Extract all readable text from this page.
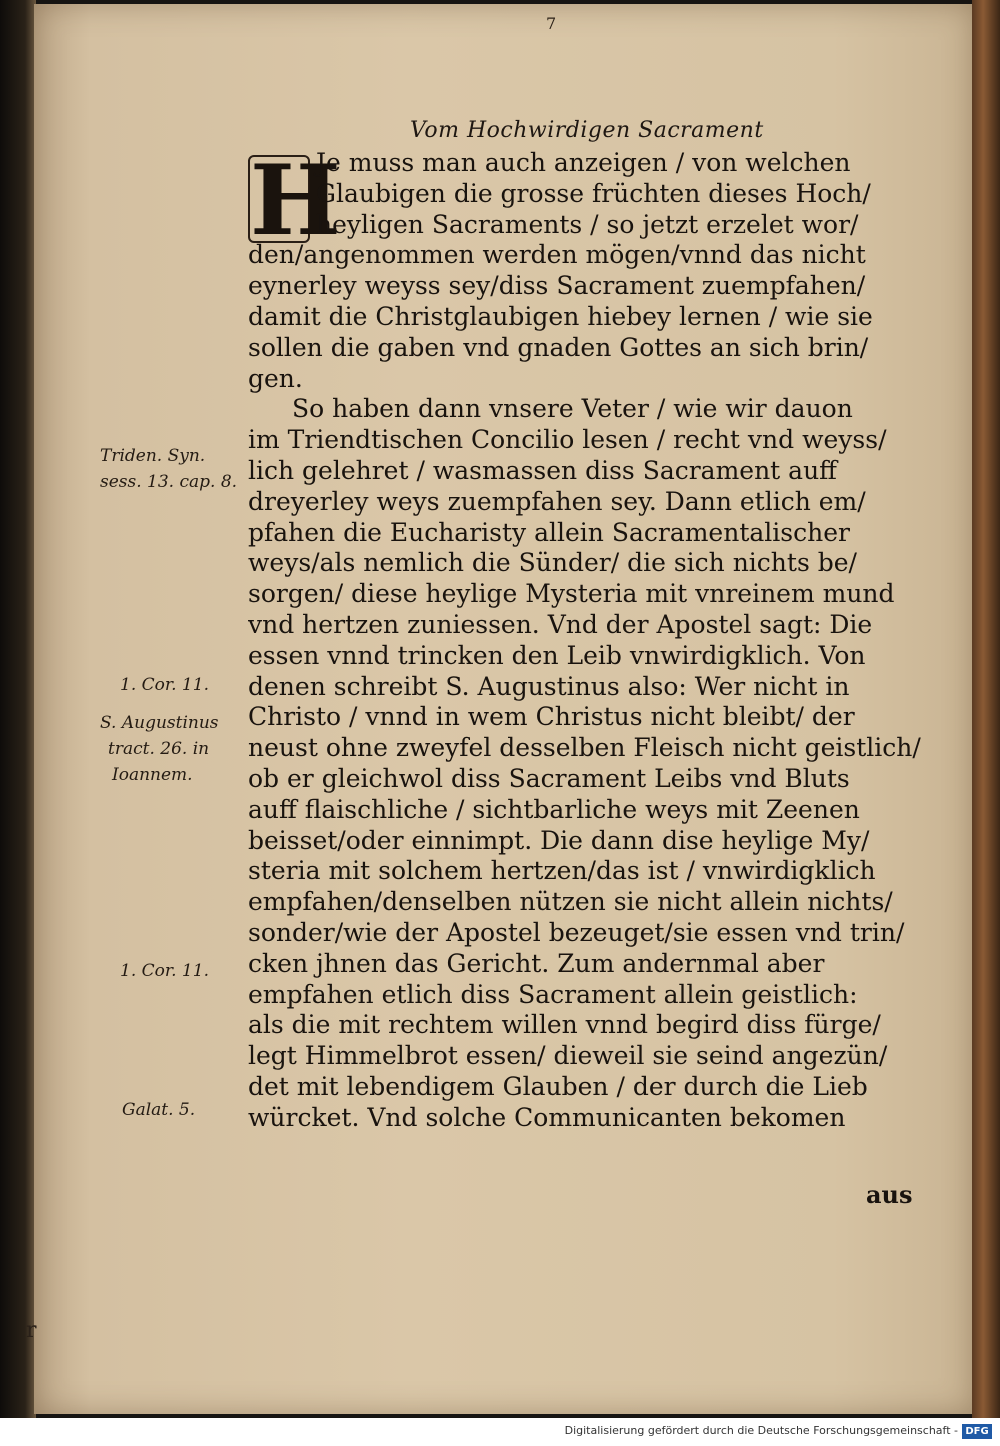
7
Vom Hochwirdigen Sacrament
H
Je muss man auch anzeigen / von welchen
Glaubigen die grosse früchten dieses Hoch/
heyligen Sacraments / so jetzt erzelet wor/
den/angenommen werden mögen/vnnd das nicht
eynerley weyss sey/diss Sacrament zuempfahen/
damit die Christglaubigen hiebey lernen / wie sie
sollen die gaben vnd gnaden Gottes an sich brin/
gen.
So haben dann vnsere Veter / wie wir dauon
im Triendtischen Concilio lesen / recht vnd weyss/
lich gelehret / wasmassen diss Sacrament auff
dreyerley weys zuempfahen sey. Dann etlich em/
pfahen die Eucharisty allein Sacramentalischer
weys/als nemlich die Sünder/ die sich nichts be/
sorgen/ diese heylige Mysteria mit vnreinem mund
vnd hertzen zuniessen. Vnd der Apostel sagt: Die
essen vnnd trincken den Leib vnwirdigklich. Von
denen schreibt S. Augustinus also: Wer nicht in
Christo / vnnd in wem Christus nicht bleibt/ der
neust ohne zweyfel desselben Fleisch nicht geistlich/
ob er gleichwol diss Sacrament Leibs vnd Bluts
auff flaischliche / sichtbarliche weys mit Zeenen
beisset/oder einnimpt. Die dann dise heylige My/
steria mit solchem hertzen/das ist / vnwirdigklich
empfahen/denselben nützen sie nicht allein nichts/
sonder/wie der Apostel bezeuget/sie essen vnd trin/
cken jhnen das Gericht. Zum andernmal aber
empfahen etlich diss Sacrament allein geistlich:
als die mit rechtem willen vnnd begird diss fürge/
legt Himmelbrot essen/ dieweil sie seind angezün/
det mit lebendigem Glauben / der durch die Lieb
würcket. Vnd solche Communicanten bekomen
Triden. Syn.
sess. 13. cap. 8.
1. Cor. 11.
S. Augustinus
tract. 26. in
Ioannem.
1. Cor. 11.
Galat. 5.
aus
r
Digitalisierung gefördert durch die Deutsche Forschungsgemeinschaft - DFG
